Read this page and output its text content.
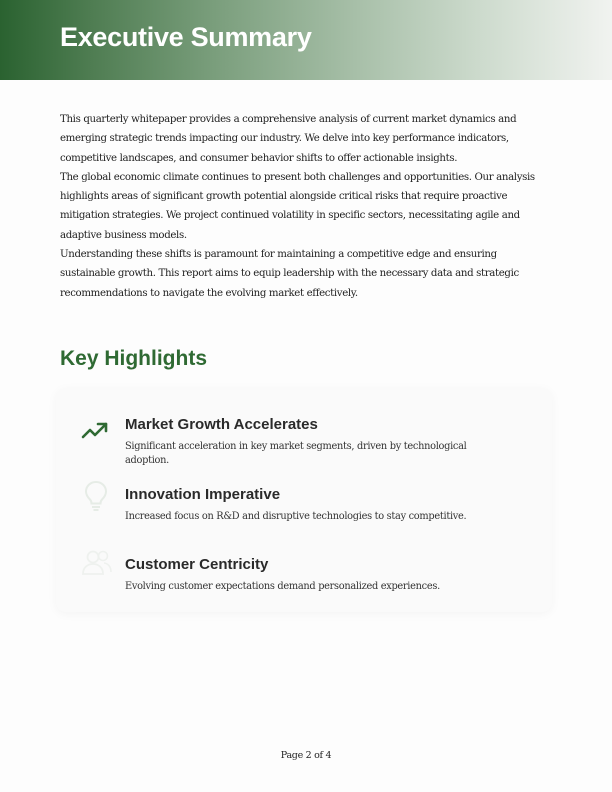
Executive Summary

This quarterly whitepaper provides a comprehensive analysis of current market dynamics and emerging strategic trends impacting our industry. We delve into key performance indicators, competitive landscapes, and consumer behavior shifts to offer actionable insights.

The global economic climate continues to present both challenges and opportunities. Our analysis highlights areas of significant growth potential alongside critical risks that require proactive mitigation strategies. We project continued volatility in specific sectors, necessitating agile and adaptive business models.

Understanding these shifts is paramount for maintaining a competitive edge and ensuring sustainable growth. This report aims to equip leadership with the necessary data and strategic recommendations to navigate the evolving market effectively.

Key Highlights
Market Growth Accelerates

Significant acceleration in key market segments, driven by technological adoption.

Innovation Imperative

Increased focus on R&D and disruptive technologies to stay competitive.

Customer Centricity

Evolving customer expectations demand personalized experiences.

Page 2 of 4
